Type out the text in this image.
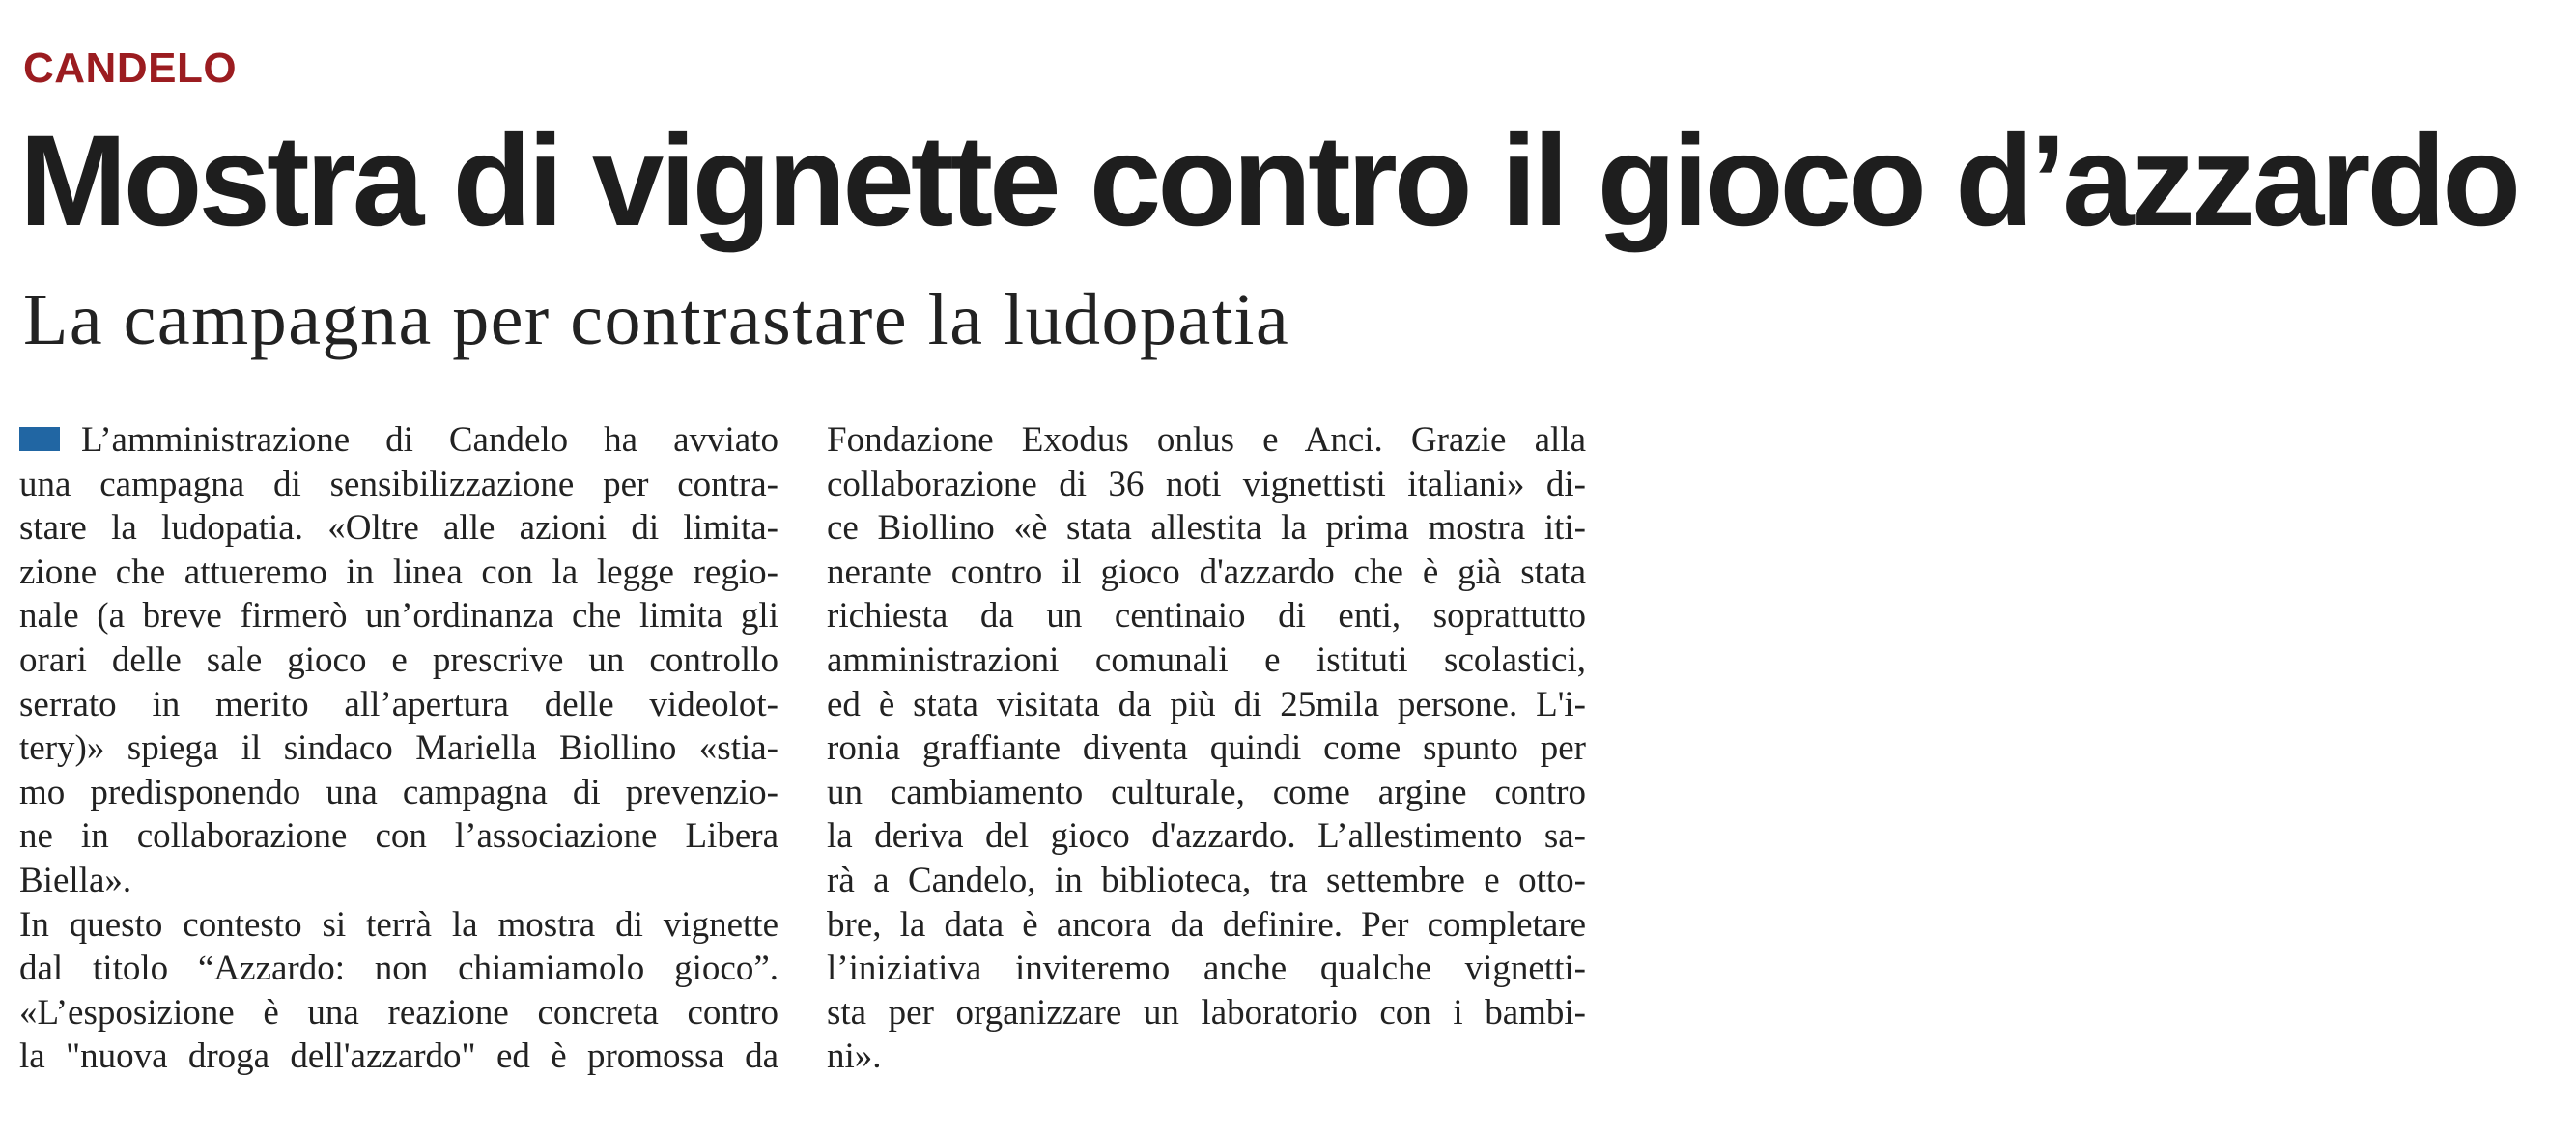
CANDELO
Mostra di vignette contro il gioco d’azzardo
La campagna per contrastare la ludopatia
L’amministrazione di Candelo ha avviato
una campagna di sensibilizzazione per contra-
stare la ludopatia. «Oltre alle azioni di limita-
zione che attueremo in linea con la legge regio-
nale (a breve firmerò un’ordinanza che limita gli
orari delle sale gioco e prescrive un controllo
serrato in merito all’apertura delle videolot-
tery)» spiega il sindaco Mariella Biollino «stia-
mo predisponendo una campagna di prevenzio-
ne in collaborazione con l’associazione Libera
Biella».
In questo contesto si terrà la mostra di vignette
dal titolo “Azzardo: non chiamiamolo gioco”.
«L’esposizione è una reazione concreta contro
la "nuova droga dell'azzardo" ed è promossa da
Fondazione Exodus onlus e Anci. Grazie alla
collaborazione di 36 noti vignettisti italiani» di-
ce Biollino «è stata allestita la prima mostra iti-
nerante contro il gioco d'azzardo che è già stata
richiesta da un centinaio di enti, soprattutto
amministrazioni comunali e istituti scolastici,
ed è stata visitata da più di 25mila persone. L'i-
ronia graffiante diventa quindi come spunto per
un cambiamento culturale, come argine contro
la deriva del gioco d'azzardo. L’allestimento sa-
rà a Candelo, in biblioteca, tra settembre e otto-
bre, la data è ancora da definire. Per completare
l’iniziativa inviteremo anche qualche vignetti-
sta per organizzare un laboratorio con i bambi-
ni».
